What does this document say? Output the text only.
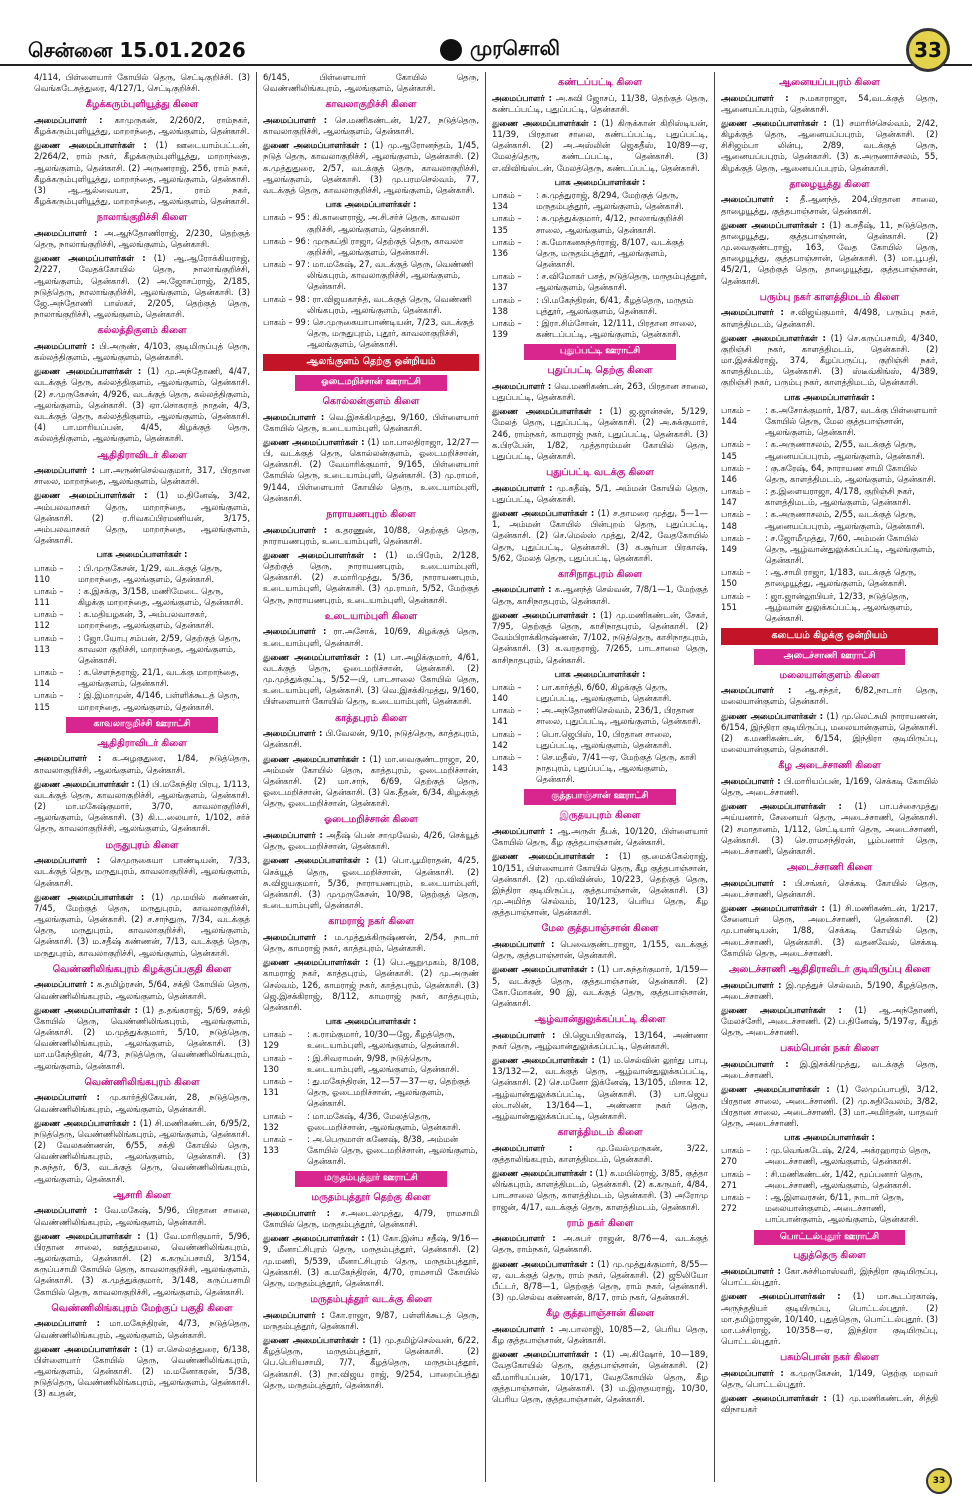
சென்னை 15.01.2026	முரசொலி	33

4/114, பிள்ளையார் கோயில் தெரு, செட்டிகுறிச்சி. (3) வெங்கடேசுத்துரை, 4/127/1, செட்டிகுறிச்சி.

கீழக்கரும்புளியூத்து கிளை

அமைப்பாளர் : காமுருகன், 2/260/2, ராம்நகர், கீழக்கரும்புளியூத்து, மாறாந்தை, ஆலங்குளம், தென்காசி.

துணை அமைப்பாளர்கள் : (1) ஊடையாம்பட்டன், 2/264/2, ராம் நகர், கீழக்கரும்புளியூத்து, மாறாந்தை, ஆலங்குளம், தென்காசி. (2) அருணராஜ், 256, ராம் நகர், கீழக்கரும்புளியூத்து, மாறாந்தை, ஆலங்குளம், தென்காசி. (3) ஆ.ஆல்வையா, 25/1, ராம் நகர், கீழக்கரும்புளியூத்து, மாறாந்தை, ஆலங்குளம், தென்காசி.

நாலாங்குறிச்சி கிளை

அமைப்பாளர் : அ.ஆந்தோணிராஜ், 2/230, தெற்குத் தெரு, நாலாங்குறிச்சி, ஆலங்குளம், தென்காசி.

துணை அமைப்பாளர்கள் : (1) ஆ.ஆரோக்கியராஜ், 2/227, வேதக்கோயில் தெரு, நாலாங்குறிச்சி, ஆலங்குளம், தென்காசி. (2) அ.ஜோசப்ராஜ், 2/185, நடுத்தெரு, நாலாங்குறிச்சி, ஆலங்குளம், தென்காசி. (3) ஜே.அந்தோணி பாஸ்கர், 2/205, தெற்குத் தெரு, நாலாங்குறிச்சி, ஆலங்குளம், தென்காசி.

கல்லத்திகுளம் கிளை

அமைப்பாளர் : பி.அருண், 4/103, குடிமிருப்புத் தெரு, கல்லத்திகுளம், ஆலங்குளம், தென்காசி.

துணை அமைப்பாளர்கள் : (1) மு.அந்தோணி, 4/47, வடக்குத் தெரு, கல்லத்திகுளம், ஆலங்குளம், தென்காசி. (2) ச.முருகேசன், 4/926, வடக்குத் தெரு, கல்லத்திகுளம், ஆலங்குளம், தென்காசி. (3) ஏா.சொகராத் நாதன், 4/3, வடக்குத் தெரு, கல்லத்திகுளம், ஆலங்குளம், தென்காசி. (4) பா.மாரியப்பன், 4/45, கிழக்குத் தெரு, கல்லத்திகுளம், ஆலங்குளம், தென்காசி.

ஆதிதிராவிடர் கிளை

அமைப்பாளர் : பா.அருண்செல்வகுமார், 317, பிரதான சாலை, மாறாந்தை, ஆலங்குளம், தென்காசி.

துணை அமைப்பாளர்கள் : (1) ம.தினேஷ், 3/42, அம்பலவாசகர் தெரு, மாறாந்தை, ஆலங்குளம், தென்காசி. (2) ர.ரிவகப்பிரமணியன், 3/175, அம்பலவாசகர் தெரு, மாறாந்தை, ஆலங்குளம், தென்காசி.

பாக அமைப்பாளர்கள் :
பாகம் – 110
: பி.முருகேசன், 1/29, வடக்குத் தெரு, மாறாந்தை, ஆலங்குளம், தென்காசி.
பாகம் – 111
: க.இசக்கு, 3/158, மணிமேடை தெரு, கிழக்கு மாறாந்தை, ஆலங்குளம், தென்காசி.
பாகம் – 112
: க.மதியழகன், 3, அம்பலவாசகர், மாறாந்தை, ஆலங்குளம், தென்காசி.
பாகம் – 113
: ஜோ.யோபு சம்பன், 2/59, தெற்குத் தெரு, காவலா குறிச்சி, மாறாந்தை, ஆலங்குளம், தென்காசி.
பாகம் – 114
: க.செளந்தராஜ், 21/1, வடக்கு மாறாந்தை, ஆலங்குளம், தென்காசி.
பாகம் – 115
: இ.இமாமுன், 4/146, பள்ளிக்கூடத் தெரு, மாறாந்தை, ஆலங்குளம், தென்காசி.
காவலாகுறிச்சி ஊராட்சி
ஆதிதிராவிடர் கிளை

அமைப்பாளர் : க.அழகுதுரை, 1/84, நடுத்தெரு, காவலாகுறிச்சி, ஆலங்குளம், தென்காசி.

துணை அமைப்பாளர்கள் : (1) பி.மகேந்திர பிரபு, 1/113, வடக்குத் தெரு, காவலாகுறிச்சி, ஆலங்குளம், தென்காசி. (2) மா.மகேஷ்குமார், 3/70, காவலாகுறிச்சி, ஆலங்குளம், தென்காசி. (3) கி.ட.லையார், 1/102, சர்ச் தெரு, காவலாகுறிச்சி, ஆலங்குளம், தென்காசி.

மருதுபுரம் கிளை

அமைப்பாளர் : செமுருகையா பாண்டியன், 7/33, வடக்குத் தெரு, மருதுபுரம், காவலாகுறிச்சி, ஆலங்குளம், தென்காசி.

துணை அமைப்பாளர்கள் : (1) மு.மயில் கண்ணன், 7/45, மேற்குத் தெரு, மருதுபுரம், காவலாகுறிச்சி, ஆலங்குளம், தென்காசி. (2) ச.சாந்துரு, 7/34, வடக்குத் தெரு, மருதுபுரம், காவலாகுறிச்சி, ஆலங்குளம், தென்காசி. (3) ம.சதீஷ் கண்ணன், 7/13, வடக்குத் தெரு, மருதுபுரம், காவலாகுறிச்சி, ஆலங்குளம், தென்காசி.

வெண்ணிலிங்கபுரம் கிழக்குப்பகுதி கிளை

அமைப்பாளர் : க.தமிழ்ரசன், 5/64, சக்தி கோயில் தெரு, வெண்ணிலிங்கபுரம், ஆலங்குளம், தென்காசி.

துணை அமைப்பாளர்கள் : (1) த.தங்கராஜ், 5/69, சக்தி கோயில் தெரு, வெண்ணிலிங்கபுரம், ஆலங்குளம், தென்காசி. (2) ம.முத்துக்குமார், 5/10, நடுத்தெரு, வெண்ணிலிங்கபுரம், ஆலங்குளம், தென்காசி. (3) மா.மகேந்திரன், 4/73, நடுத்தெரு, வெண்ணிலிங்கபுரம், ஆலங்குளம், தென்காசி.

வெண்ணிலிங்கபுரம் கிளை

அமைப்பாளர் : மு.கார்த்திகேயன், 28, நடுத்தெரு, வெண்ணிலிங்கபுரம், ஆலங்குளம், தென்காசி.

துணை அமைப்பாளர்கள் : (1) சி.மணிகண்டன், 6/95/2, நடுத்தெரு, வெண்ணிலிங்கபுரம், ஆலங்குளம், தென்காசி. (2) வேலகண்ணன், 6/55, சக்தி கோயில் தெரு, வெண்ணிலிங்கபுரம், ஆலங்குளம், தென்காசி. (3) ந.சுந்தர், 6/3, வடக்குத் தெரு, வெண்ணிலிங்கபுரம், ஆலங்குளம், தென்காசி.

ஆசாரி கிளை

அமைப்பாளர் : வே.மகேஷ், 5/96, பிரதான சாலை, வெண்ணிலிங்கபுரம், ஆலங்குளம், தென்காசி.

துணை அமைப்பாளர்கள் : (1) வே.மாரிகுமார், 5/96, பிரதான சாலை, ஊத்துமலை, வெண்ணிலிங்கபுரம், ஆலங்குளம், தென்காசி. (2) க.கருப்பசாமி, 3/154, கருப்பசாமி கோயில் தெரு, காவலாகுறிச்சி, ஆலங்குளம், தென்காசி. (3) க.முத்துக்குமார், 3/148, கருப்பசாமி கோயில் தெரு, காவலாகுறிச்சி, ஆலங்குளம், தென்காசி.

வெண்ணிலிங்கபுரம் மேற்குப் பகுதி கிளை

அமைப்பாளர் : மா.மகேந்திரன், 4/73, நடுத்தெரு, வெண்ணிலிங்கபுரம், ஆலங்குளம், தென்காசி.

துணை அமைப்பாளர்கள் : (1) எ.செல்லத்துரை, 6/138, பிள்ளையார் கோயில் தெரு, வெண்ணிலிங்கபுரம், ஆலங்குளம், தென்காசி. (2) ம.மனோகரன், 5/38, நடுத்தெரு, வெண்ணிலிங்கபுரம், ஆலங்குளம், தென்காசி. (3) கபதன்,

6/145, பிள்ளையார் கோயில் தெரு, வெண்ணிலிங்கபுரம், ஆலங்குளம், தென்காசி.

காவலாகுறிச்சி கிளை

அமைப்பாளர் : செ.மணிகண்டன், 1/27, நடுத்தெரு, காவலாகுறிச்சி, ஆலங்குளம், தென்காசி.

துணை அமைப்பாளர்கள் : (1) மு.ஆரோனந்தம், 1/45, நடுத் தெரு, காவலாகுறிச்சி, ஆலங்குளம், தென்காசி. (2) க.முத்துதுரை, 2/57, வடக்குத் தெரு, காவலாகுறிச்சி, ஆலங்குளம், தென்காசி. (3) மு.பரமசெல்வம், 77, வடக்குத் தெரு, காவலாகுறிச்சி, ஆலங்குளம், தென்காசி.

பாக அமைப்பாளர்கள் :
பாகம் – 95 : கி.காளைராஜ், அ.சி.சர்ச் தெரு, காவலா குறிச்சி, ஆலங்குளம், தென்காசி.
பாகம் – 96 : முருகப்தி ராஜா, தெற்குத் தெரு, காவலா குறிச்சி, ஆலங்குளம், தென்காசி.
பாகம் – 97 : மா.மகேஷ், 27, வடக்குத் தெரு, வெண்ணி லிங்கபுரம், காவலாகுறிச்சி, ஆலங்குளம், தென்காசி.
பாகம் – 98 : ரா.விஜயகாந்த், வடக்குத் தெரு, வெண்ணி லிங்கபுரம், ஆலங்குளம், தென்காசி.
பாகம் – 99 : செ.முருகையாபாண்டியன், 7/23, வடக்குத் தெரு, மருதுபுரம், புதூர், காவலாகுறிச்சி, ஆலங்குளம், தென்காசி.
ஆலங்குளம் தெற்கு ஒன்றியம்
ஓடைமறிச்சான் ஊராட்சி
கொல்லன்குளம் கிளை

அமைப்பாளர் : வெ.இசக்கிமுத்து, 9/160, பிள்ளையார் கோயில் தெரு, உடையாம்புளி, தென்காசி.

துணை அமைப்பாளர்கள் : (1) மா.பாலதிராஜா, 12/27—பி, வடக்குத் தெரு, கொல்லன்குளம், ஓடைமறிச்சான், தென்காசி. (2) வேமாரிக்குமார், 9/165, பிள்ளையார் கோயில் தெரு, உடையாம்புளி, தென்காசி. (3) மு.ராமர், 9/144, பிள்ளையார் கோயில் தெரு, உடையாம்புளி, தென்காசி.

நாராயணபுரம் கிளை

அமைப்பாளர் : க.தரணுன், 10/88, தெற்குத் தெரு, நாராயணபுரம், உடையாம்புளி, தென்காசி.

துணை அமைப்பாளர்கள் : (1) ம.பிரேம், 2/128, தெற்குத் தெரு, நாராயணபுரம், உடையாம்புளி, தென்காசி. (2) ச.மாரிமுத்து, 5/36, நாராயணபுரம், உடையாம்புளி, தென்காசி. (3) மு.ராமர், 5/52, மேற்குத் தெரு, நாராயணபுரம், உடையாம்புளி, தென்காசி.

உடையாம்புளி கிளை

அமைப்பாளர் : ரா.அசோக், 10/69, கிழக்குத் தெரு, உடையாம்புளி, தென்காசி.

துணை அமைப்பாளர்கள் : (1) பா.அழிக்குமார், 4/61, வடக்குத் தெரு, ஓடைமறிச்சான், தென்காசி. (2) மு.முத்துக்குட்டி, 5/52—பி, பாடசாலை கோயில் தெரு, உடையாம்புளி, தென்காசி. (3) வெ.இசக்கிமுத்து, 9/160, பிள்ளையார் கோயில் தெரு, உடையாம்புளி, தென்காசி.

காத்தபுரம் கிளை

அமைப்பாளர் : பி.வேலன், 9/10, நடுத்தெரு, காத்தபுரம், தென்காசி.

துணை அமைப்பாளர்கள் : (1) மா.வைகுண்டராஜா, 20, அம்மன் கோயில் தெரு, காத்தபுரம், ஓடைமறிச்சான், தென்காசி. (2) மா.சாந், 6/69, தெற்குத் தெரு, ஓடைமறிச்சான், தென்காசி. (3) கெ.தீதன், 6/34, கிழக்குத் தெரு, ஓடைமறிச்சான், தென்காசி.

ஓடைமறிச்சான் கிளை

அமைப்பாளர் : அதீஷ் பென் சாமுவேல், 4/26, செக்யூத் தெரு, ஓடைமறிச்சான், தென்காசி.

துணை அமைப்பாளர்கள் : (1) பொ.பூமிராதன், 4/25, செக்யூத் தெரு, ஓடைமறிச்சான், தென்காசி. (2) சு.விஜயகுமார், 5/36, நாராயணபுரம், உடையாம்புளி, தென்காசி. (3) முமுருகேசன், 10/98, தெற்குத் தெரு, உடையாம்புளி, தென்காசி.

காமராஜ் நகர் கிளை

அமைப்பாளர் : ம.முத்துக்கிருஷ்ணன், 2/54, நாடார் தெரு, காமராஜ் நகர், காத்தபுரம், தென்காசி.

துணை அமைப்பாளர்கள் : (1) பெ.ஆறுமுகம், 8/108, காமராஜ் நகர், காத்தபுரம், தென்காசி. (2) மு.அருண் செல்வம், 126, காமராஜ் நகர், காத்தபுரம், தென்காசி. (3) ஜெ.இசக்கிராஜ், 8/112, காமராஜ் நகர், காத்தபுரம், தென்காசி.

பாக அமைப்பாளர்கள் :
பாகம் – 129
: க.ராம்குமார், 10/30—ஜே, கீழத்தெரு, உடையாம்புளி, ஆலங்குளம், தென்காசி.
பாகம் – 130
: இ.சிவராமன், 9/98, நடுத்தெரு, உடையாம்புளி, ஆலங்குளம், தென்காசி.
பாகம் – 131
: து.மகேந்திரன், 12—57—37—ஏ, தெற்குத் தெரு, ஓடைமறிச்சான், ஆலங்குளம், தென்காசி.
பாகம் – 132
: மா.மகேஷ், 4/36, மேலத்தெரு, ஓடைமறிச்சான், ஆலங்குளம், தென்காசி.
பாகம் – 133
: அ.பெருமாள் கணேஷ், 8/38, அம்மன் கோயில் தெரு, ஓடைமறிச்சான், ஆலங்குளம், தென்காசி.
மருதம்புத்தூர் ஊராட்சி
மருதம்புத்தூர் தெற்கு கிளை

அமைப்பாளர் : ச.அடைலமுத்து, 4/79, ராமசாமி கோயில் தெரு, மருதம்புத்தூர், தென்காசி.

துணை அமைப்பாளர்கள் : (1) கோ.இன்ப சதீஷ், 9/16—9, மீனாட்சிபுரம் தெரு, மருதம்புத்தூர், தென்காசி. (2) மு.மணி, 5/539, மீனாட்சிபுரம் தெரு, மருதம்புத்தூர், தென்காசி. (3) க.மகேந்திரன், 4/70, ராமசாமி கோயில் தெரு, மருதம்புத்தூர், தென்காசி.

மருதம்புத்தூர் வடக்கு கிளை

அமைப்பாளர் : கோ.ராஜா, 9/87, பள்ளிக்கூடத் தெரு, மருதம்புத்தூர், தென்காசி.

துணை அமைப்பாளர்கள் : (1) மு.தமிழ்செல்வன், 6/22, கீழத்தெரு, மருதம்புத்தூர், தென்காசி. (2) பெ.பெரியசாமி, 7/7, கீழத்தெரு, மருதம்புத்தூர், தென்காசி. (3) நா.விஜய ராஜ், 9/254, பாறைப்பத்து தெரு, மருதம்புத்தூர், தென்காசி.

கண்டப்பட்டி கிளை

அமைப்பாளர் : அ.சுவி ஜோசப், 11/38, தெற்குத் தெரு, கண்டப்பட்டி, புதுப்பட்டி, தென்காசி.

துணை அமைப்பாளர்கள் : (1) கிருக்கான் கிறிஸ்டியன், 11/39, பிரதான சாலை, கண்டப்பட்டி, புதுப்பட்டி, தென்காசி. (2) அ.அஸ்லின் ஜெகதீஸ், 10/89—ஏ, மேலத்தெரு, கண்டப்பட்டி, தென்காசி. (3) எ.விவிங்ஸ்டன், மேலத்தெரு, கண்டப்பட்டி, தென்காசி.

பாக அமைப்பாளர்கள் :
பாகம் – 134
: சு.முத்துராஜ், 8/294, மேற்குத் தெரு, மருதம்புத்தூர், ஆலங்குளம், தென்காசி.
பாகம் – 135
: சு.முத்துக்குமார், 4/12, நாலாங்குறிச்சி சாலை, ஆலங்குளம், தென்காசி.
பாகம் – 136
: க.மோகனசுந்தர்ராஜ், 8/107, வடக்குத் தெரு, மருதம்புத்தூர், ஆலங்குளம், தென்காசி.
பாகம் – 137
: ச.விமோகர் பசத், நடுத்தெரு, மருதம்புத்தூர், ஆலங்குளம், தென்காசி.
பாகம் – 138
: பி.மகேந்திரன், 6/41, கீழத்தெரு, மருதம் புத்தூர், ஆலங்குளம், தென்காசி.
பாகம் – 139
: இரா.சிம்சோன், 12/111, பிரதான சாலை, கண்டப்பட்டி, ஆலங்குளம், தென்காசி.
புதுப்பட்டி ஊராட்சி
புதுப்பட்டி தெற்கு கிளை

அமைப்பாளர் : வெ.மணிகண்டன், 263, பிரதான சாலை, புதுப்பட்டி, தென்காசி.

துணை அமைப்பாளர்கள் : (1) ஜ.ஜான்சன், 5/129, மேலத் தெரு, புதுப்பட்டி, தென்காசி. (2) அ.சுக்குமார், 246, ராம்நகர், காமராஜ் நகர், புதுப்பட்டி, தென்காசி. (3) க.பிரபேன், 1/82, முத்தாரம்மன் கோயில் தெரு, புதுப்பட்டி, தென்காசி.

புதுப்பட்டி வடக்கு கிளை

அமைப்பாளர் : மு.சுதீஷ், 5/1, அம்மன் கோயில் தெரு, புதுப்பட்டி, தென்காசி.

துணை அமைப்பாளர்கள் : (1) ச.தாமரை முத்து, 5—1—1, அம்மன் கோயில் பின்புறம் தெரு, புதுப்பட்டி, தென்காசி. (2) செ.மெல்ஸ் முத்து, 2/42, வேதகோயில் தெரு, புதுப்பட்டி, தென்காசி. (3) க.சூர்யா பிரகாஷ், 5/62, மேலத் தெரு, புதுப்பட்டி, தென்காசி.

காசிநாதபுரம் கிளை

அமைப்பாளர் : க.ஆனந்த் செல்வன், 7/8/1—1, மேற்குத் தெரு, காசிநாதபுரம், தென்காசி.

துணை அமைப்பாளர்கள் : (1) மு.மணிகண்டன், சேகர், 7/95, தெற்குத் தெரு, காசிநாதபுரம், தென்காசி. (2) வேம்பிராக்கிருஷ்ணன், 7/102, நடுத்தெரு, காசிநாதபுரம், தென்காசி. (3) க.வரதராஜ், 7/265, பாடசாலை தெரு, காசிநாதபுரம், தென்காசி.

பாக அமைப்பாளர்கள் :
பாகம் – 140
: பா.கார்த்தி, 6/60, கிழக்குத் தெரு, புதுப்பட்டி, ஆலங்குளம், தென்காசி.
பாகம் – 141
: அ.அந்தோணிசெல்வம், 236/1, பிரதான சாலை, புதுப்பட்டி, ஆலங்குளம், தென்காசி.
பாகம் – 142
: பொ.ஜெபிஸ், 10, பிரதான சாலை, புதுப்பட்டி, ஆலங்குளம், தென்காசி.
பாகம் – 143
: செ.மதீஸ், 7/41—ஏ, மேற்குத் தெரு, காசி நாதபுரம், புதுப்பட்டி, ஆலங்குளம், தென்காசி.
குத்தபாஞ்சான் ஊராட்சி
இருதயபுரம் கிளை

அமைப்பாளர் : ஆ.அருள் தீபக், 10/120, பிள்ளையார் கோயில் தெரு, கீழ குத்தபாஞ்சான், தென்காசி.

துணை அமைப்பாளர்கள் : (1) கு.மைக்கேல்ராஜ், 10/151, பிள்ளையார் கோயில் தெரு, கீழ குத்தபாஞ்சான், தென்காசி. (2) மு.விவின்ஸ், 10/223, தெற்குத் தெரு, இந்திரா குடியிருப்பு, குத்தபாஞ்சான், தென்காசி. (3) மு.அமிர்த செல்வம், 10/123, பெரிய தெரு, கீழ குத்தபாஞ்சான், தென்காசி.

மேல குத்தபாஞ்சான் கிளை

அமைப்பாளர் : பெவைகுண்டராஜா, 1/155, வடக்குத் தெரு, குத்தபாஞ்சான், தென்காசி.

துணை அமைப்பாளர்கள் : (1) பா.சுந்தர்குமார், 1/159—5, வடக்குத் தெரு, குத்தபாஞ்சான், தென்காசி. (2) கோ.மோகன், 90 இ, வடக்குத் தெரு, குத்தபாஞ்சான், தென்காசி.

ஆழ்வான்துலுக்கப்பட்டி கிளை

அமைப்பாளர் : பி.ஜெயபிரகாஷ், 13/164, அண்ணா நகர் தெரு, ஆழ்வான்துலுக்கப்பட்டி, தென்காசி.

துணை அமைப்பாளர்கள் : (1) ம.செல்வின் லூர்து பாபு, 13/132—2, வடக்குத் தெரு, ஆழ்வான்துலுக்கப்பட்டி, தென்காசி. (2) செ.மனோ இக்னேஷ், 13/105, மிசாக 12, ஆழ்வான்துலுக்கப்பட்டி, தென்காசி. (3) பா.ஜெய ஸ்டாலின், 13/164—1, அண்ணா நகர் தெரு, ஆழ்வான்துலுக்கப்பட்டி, தென்காசி.

காளத்திமடம் கிளை

அமைப்பாளர் :	மு.வேல்முருகன், 3/22, குத்தாலிங்கபுரம், காளத்திமடம், தென்காசி.

துணை அமைப்பாளர்கள் : (1) க.மயில்ராஜ், 3/85, குத்தா லிங்கபுரம், காளத்திமடம், தென்காசி. (2) க.கருமர், 4/84, பாடசாலை தெரு, காளத்திமடம், தென்காசி. (3) அரோமு ராஜன், 4/17, வடக்குத் தெரு, காளத்திமடம், தென்காசி.

ராம் நகர் கிளை

அமைப்பாளர் : அ.சுபர் ராஜன், 8/76—4, வடக்குத் தெரு, ராம்நகர், தென்காசி.

துணை அமைப்பாளர்கள் : (1) மு.முத்துக்குமார், 8/55—ஏ, வடக்குத் தெரு, ராம் நகர், தென்காசி. (2) ஜூலியோ பீட்டர், 8/78—1, தெற்குத் தெரு, ராம் நகர், தென்காசி. (3) மு.செல்வ கண்ணன், 8/17, ராம் நகர், தென்காசி.

கீழ குத்தபாஞ்சான் கிளை

அமைப்பாளர் : அ.பாலாஜி, 10/85—2, பெரிய தெரு, கீழ குத்தபாஞ்சான், தென்காசி.

துணை அமைப்பாளர்கள் : (1) அ.கிஷோர், 10—189, வேதகோயில் தெரு, குத்தபாஞ்சான், தென்காசி. (2) வீ.மாரியப்பன், 10/171, வேதகோயில் தெரு, கீழ குத்தபாஞ்சான், தென்காசி. (3) ம.இருதயராஜ், 10/30, பெரிய தெரு, குத்தபாஞ்சான், தென்காசி.

ஆனையப்பபுரம் கிளை

அமைப்பாளர் : ந.மகாராஜா, 54,வடக்குத் தெரு, ஆனையப்பபுரம், தென்காசி.

துணை அமைப்பாளர்கள் : (1) சமாரிச்செல்வம், 2/42, கிழக்குத் தெரு, ஆனையப்பபுரம், தென்காசி. (2) சிசிஜம்பா லின்பு, 2/89, வடக்குத் தெரு, ஆனையப்பபுரம், தென்காசி. (3) க.அருணாச்சலம், 55, கிழக்குத் தெரு, ஆனையப்பபுரம், தென்காசி.

தாழையூத்து கிளை

அமைப்பாளர் : தீ.ஆனந்த், 204,பிரதான சாலை, தாழையூத்து, குத்தபாஞ்சான், தென்காசி.

துணை அமைப்பாளர்கள் : (1) க.சதீஷ், 11, நடுத்தெரு, தாழையூத்து, குத்தபாஞ்சான், தென்காசி. (2) மு.வைகுண்டராஜ், 163, வேத கோயில் தெரு, தாழையூத்து, குத்தபாஞ்சான், தென்காசி. (3) மா.பூபதி, 45/2/1, தெற்குத் தெரு, தாழையூத்து, குத்தபாஞ்சான், தென்காசி.

பரும்பு நகர் காளத்திமடம் கிளை

அமைப்பாளர் : ச.விஜய்குமார், 4/498, பரும்பு நகர், காளத்திமடம், தென்காசி.

துணை அமைப்பாளர்கள் : (1) செ.கருப்பசாமி, 4/340, குறிஞ்சி நகர், காளத்திமடம், தென்காசி. (2) மா.இசக்கிராஜ், 374, கீழப்பருப்பு, குறிஞ்சி நகர், காளத்திமடம், தென்காசி. (3) ஸ்டீவ்கிங்ஸ், 4/389, குறிஞ்சி நகர், பரும்பு நகர், காளத்திமடம், தென்காசி.

பாக அமைப்பாளர்கள் :
பாகம் – 144
: க.அசோக்குமார், 1/87, வடக்கு பிள்ளையார் கோயில் தெரு, மேல குத்தபாஞ்சான், ஆலங்குளம், தென்காசி.
பாகம் – 145
: க.அருணாசலம், 2/55, வடக்குத் தெரு, ஆனையப்பபுரம், ஆலங்குளம், தென்காசி.
பாகம் – 146
: கு.சுரேஷ், 64, நாராயண சாமி கோயில் தெரு, காளத்திமடம், ஆலங்குளம், தென்காசி.
பாகம் – 147
: த.இளையராஜா, 4/178, குறிஞ்சி நகர், காளத்திமடம், ஆலங்குளம், தென்காசி.
பாகம் – 148
: க.அருணாசலம், 2/55, வடக்குத் தெரு, ஆனையப்பபுரம், ஆலங்குளம், தென்காசி.
பாகம் – 149
: ச.ஜோமீமுத்து, 7/60, அம்மன் கோயில் தெரு, ஆழ்வான்துலுக்கப்பட்டி, ஆலங்குளம், தென்காசி.
பாகம் – 150
: ஆ.சாமி ராஜா, 1/183, வடக்குத் தெரு, தாழையூத்து, ஆலங்குளம், தென்காசி.
பாகம் – 151
: ஜா.ஜான்லூபியர், 12/33, நடுத்தெரு, ஆழ்வான் துலுக்கப்பட்டி, ஆலங்குளம், தென்காசி.
கடையம் கிழக்கு ஒன்றியம்
அடைச்சாணி ஊராட்சி
மலையான்குளம் கிளை

அமைப்பாளர் : ஆ.சந்தர், 6/82,நாடார் தெரு, மலையான்குளம், தென்காசி.

துணை அமைப்பாளர்கள் : (1) மு.லெட்சுமி நாராயணன், 6/154, இந்திரா குடியிருப்பு, மலையான்குளம், தென்காசி. (2) க.மணிகண்டன், 6/154, இந்திரா குடியிருப்பு, மலையான்குளம், தென்காசி.

கீழ அடைச்சாணி கிளை

அமைப்பாளர் : பி.மாரியப்பன், 1/169, செக்கடி கோயில் தெரு, அடைச்சாணி.

துணை அமைப்பாளர்கள் : (1) பா.பச்சைமுத்து அய்யனார், சேனையர் தெரு, அடைச்சாணி, தென்காசி. (2) சமாதானம், 1/112, செட்டியார் தெரு, அடைச்சாணி, தென்காசி. (3) செ.ராமசந்திரன், பூம்பனார் தெரு, அடைச்சாணி, தென்காசி.

அடைச்சாணி கிளை

அமைப்பாளர் : பி.சங்கர், செக்கடி கோயில் தெரு, அடைச்சாணி, தென்காசி.

துணை அமைப்பாளர்கள் : (1) சி.மணிகண்டன், 1/217, சேனையர் தெரு, அடைச்சாணி, தென்காசி. (2) மு.பாண்டியன், 1/88, செக்கடி கோயில் தெரு, அடைச்சாணி, தென்காசி. (3) வதனவேல், செக்கடி கோயில் தெரு, அடைச்சாணி.

அடைச்சாணி ஆதிதிராவிடர் குடியிருப்பு கிளை

அமைப்பாளர் : இ.முத்துச் செல்வம், 5/190, கீழத்தெரு, அடைச்சாணி.

துணை அமைப்பாளர்கள் : (1) ஆ.அந்தோணி, மேலச்சேரி, அடைச்சாணி. (2) ப.தினேஷ், 5/197ஏ, கீழத் தெரு, அடைச்சாணி.

பசும்பொன் நகர் கிளை

அமைப்பாளர் : இ.இசக்கிமுத்து, வடக்குத் தெரு, அடைச்சாணி.

துணை அமைப்பாளர்கள் : (1) லேமுப்பாபதி, 3/12, பிரதான சாலை, அடைச்சாணி. (2) மு.சுதிவேலம், 3/82, பிரதான சாலை, அடைச்சாணி. (3) மா.அமிர்தன், யாதவர் தெரு, அடைச்சாணி.

பாக அமைப்பாளர்கள் :
பாகம் – 270
: மு.வெங்கடேஷ், 2/24, அக்ரஹாரம் தெரு, அடைச்சாணி, ஆலங்குளம், தென்காசி.
பாகம் – 271
: சி.மணிகண்டன், 1/42, மூப்பனார் தெரு, அடைச்சாணி, ஆலங்குளம், தென்காசி.
பாகம் – 272
: ஆ.இளவரசன், 6/11, நாடார் தெரு, மலையான்குளம், அடைச்சாணி, பாப்பான்குளம், ஆலங்குளம், தென்காசி.
பொட்டல்புதூர் ஊராட்சி
புதுத்தெரு கிளை

அமைப்பாளர் : கோ.சுச்சிமாஸ்வரி, இந்திரா குடியிருப்பு, பொட்டல்புதூர்.

துணை அமைப்பாளர்கள் : (1) மா.கூடப்ரகாஷ், அருந்ததியர் குடியிருப்பு, பொட்டல்புதூர். (2) மா.தமிழ்ராஜன், 10/140, புதுத்தெரு, பொட்டல்புதூர். (3) மா.பச்சிராஜ், 10/358—ஏ, இந்திரா குடியிருப்பு, பொட்டல்புதூர்.

பசும்பொன் நகர் கிளை

அமைப்பாளர் : க.முருகேசன், 1/149, தெற்கு மறவர் தெரு, பொட்டல்புதூர்.

துணை அமைப்பாளர்கள் : (1) மு.மணிகண்டன், சித்தி விநாயகர்

33
